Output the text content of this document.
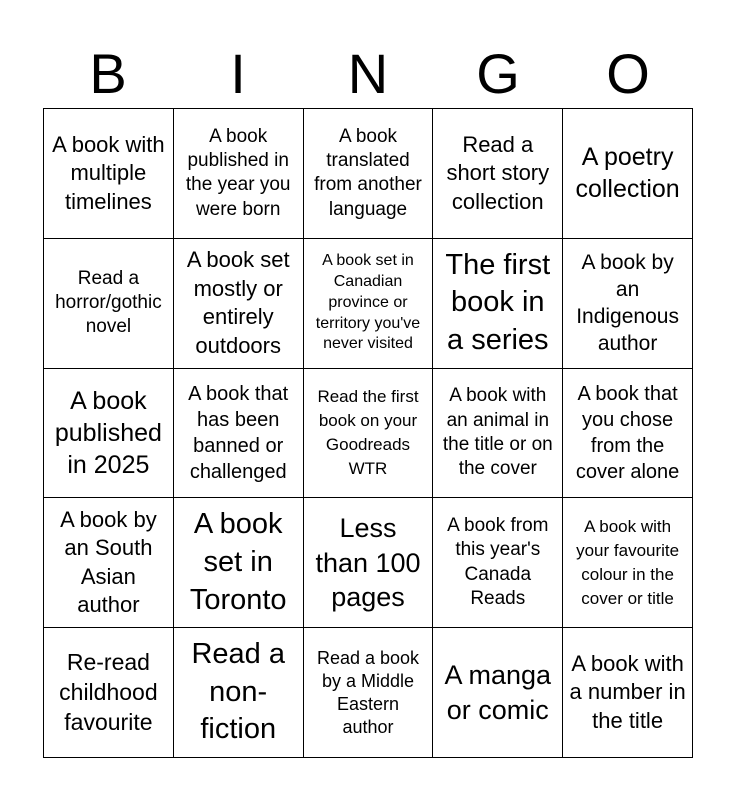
B	I	N	G	O
A book with multiple timelines
A book published in the year you were born
A book translated from another language
Read a short story collection
A poetry collection
Read a horror/gothic novel
A book set mostly or entirely outdoors
A book set in Canadian province or territory you've never visited
The first book in a series
A book by an Indigenous author
A book published in 2025
A book that has been banned or challenged
Read the first book on your Goodreads WTR
A book with an animal in the title or on the cover
A book that you chose from the cover alone
A book by an South Asian author
A book set in Toronto
Less than 100 pages
A book from this year's Canada Reads
A book with your favourite colour in the cover or title
Re-read childhood favourite
Read a non-fiction
Read a book by a Middle Eastern author
A manga or comic
A book with a number in the title
